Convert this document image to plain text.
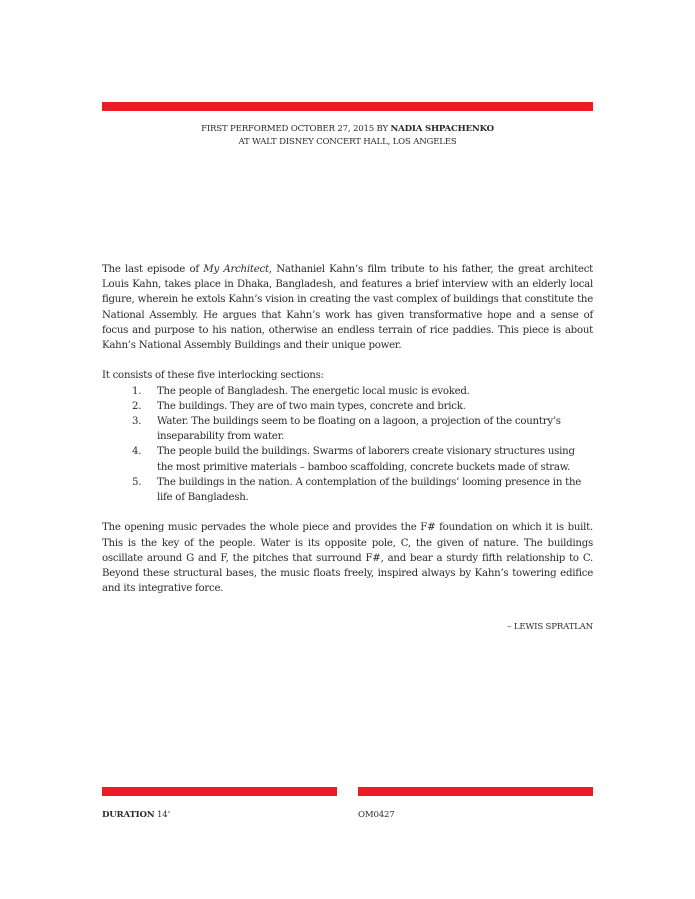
FIRST PERFORMED OCTOBER 27, 2015 BY NADIA SHPACHENKO
AT WALT DISNEY CONCERT HALL, LOS ANGELES

The last episode of My Architect, Nathaniel Kahn’s film tribute to his father, the great architect Louis Kahn, takes place in Dhaka, Bangladesh, and features a brief interview with an elderly local figure, wherein he extols Kahn’s vision in creating the vast complex of buildings that constitute the National Assembly. He argues that Kahn’s work has given transformative hope and a sense of focus and purpose to his nation, otherwise an endless terrain of rice paddies. This piece is about Kahn’s National Assembly Buildings and their unique power.

It consists of these five interlocking sections:

1.	The people of Bangladesh. The energetic local music is evoked.
2.	The buildings. They are of two main types, concrete and brick.
3.	Water. The buildings seem to be floating on a lagoon, a projection of the country’s inseparability from water.
4.	The people build the buildings. Swarms of laborers create visionary structures using the most primitive materials – bamboo scaffolding, concrete buckets made of straw.
5.	The buildings in the nation. A contemplation of the buildings’ looming presence in the life of Bangladesh.

The opening music pervades the whole piece and provides the F# foundation on which it is built. This is the key of the people. Water is its opposite pole, C, the given of nature. The buildings oscillate around G and F, the pitches that surround F#, and bear a sturdy fifth relationship to C. Beyond these structural bases, the music floats freely, inspired always by Kahn’s towering edifice and its integrative force.

– LEWIS SPRATLAN
DURATION 14’	OM0427
